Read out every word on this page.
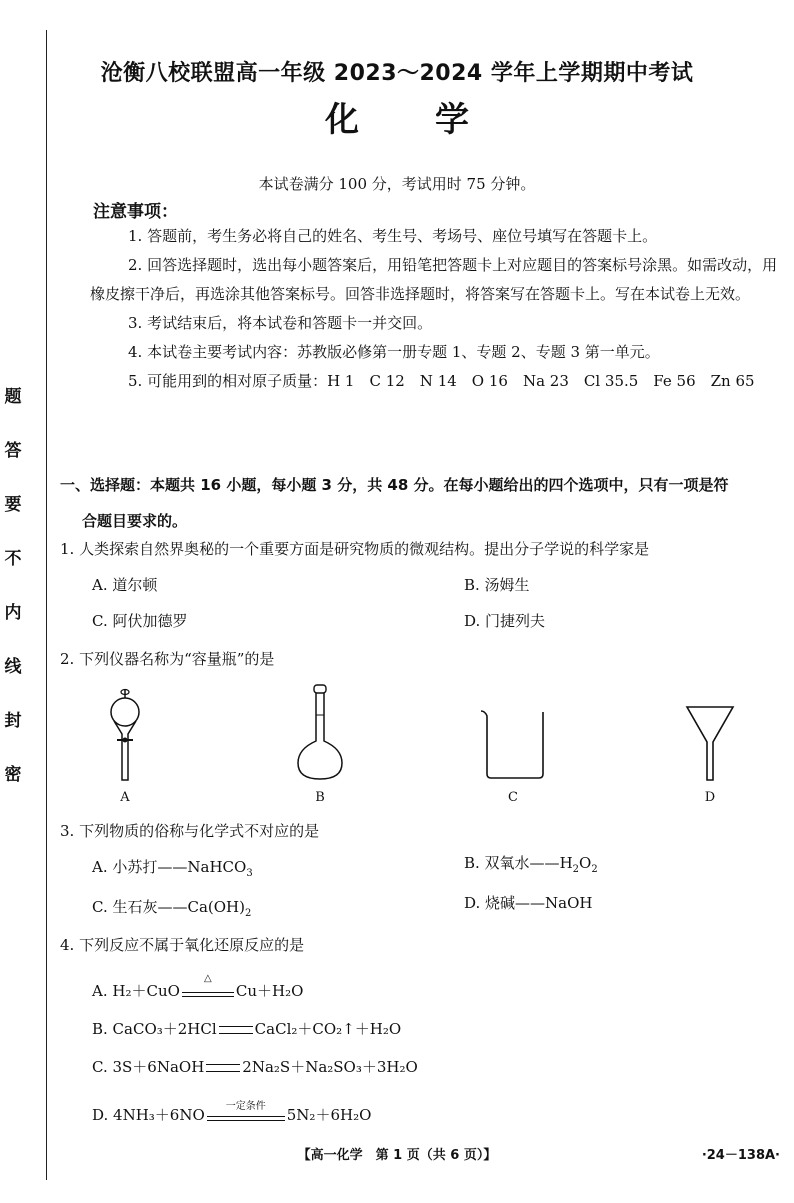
题
答
要
不
内
线
封
密
沧衡八校联盟高一年级 2023～2024 学年上学期期中考试
化学
本试卷满分 100 分，考试用时 75 分钟。
注意事项：

1. 答题前，考生务必将自己的姓名、考生号、考场号、座位号填写在答题卡上。

2. 回答选择题时，选出每小题答案后，用铅笔把答题卡上对应题目的答案标号涂黑。如需改动，用橡皮擦干净后，再选涂其他答案标号。回答非选择题时，将答案写在答题卡上。写在本试卷上无效。

3. 考试结束后，将本试卷和答题卡一并交回。

4. 本试卷主要考试内容：苏教版必修第一册专题 1、专题 2、专题 3 第一单元。

5. 可能用到的相对原子质量：H 1　C 12　N 14　O 16　Na 23　Cl 35.5　Fe 56　Zn 65

一、选择题：本题共 16 小题，每小题 3 分，共 48 分。在每小题给出的四个选项中，只有一项是符
合题目要求的。
1. 人类探索自然界奥秘的一个重要方面是研究物质的微观结构。提出分子学说的科学家是
A. 道尔顿	B. 汤姆生
C. 阿伏加德罗	D. 门捷列夫
2. 下列仪器名称为“容量瓶”的是
A	B	C	D
3. 下列物质的俗称与化学式不对应的是
A. 小苏打——NaHCO$_3$
B. 双氧水$——H_2O_2$
C. 生石灰$——Ca(OH)_2$
D. 烧碱——NaOH
4. 下列反应不属于氧化还原反应的是
A. H₂＋CuO
△
Cu＋H₂O
B. CaCO₃＋2HCl	CaCl₂＋CO₂↑＋H₂O
C. 3S＋6NaOH	2Na₂S＋Na₂SO₃＋3H₂O
D. 4NH₃＋6NO	一定条件	5N₂＋6H₂O
【高一化学　第 1 页（共 6 页）】	·24－138A·
